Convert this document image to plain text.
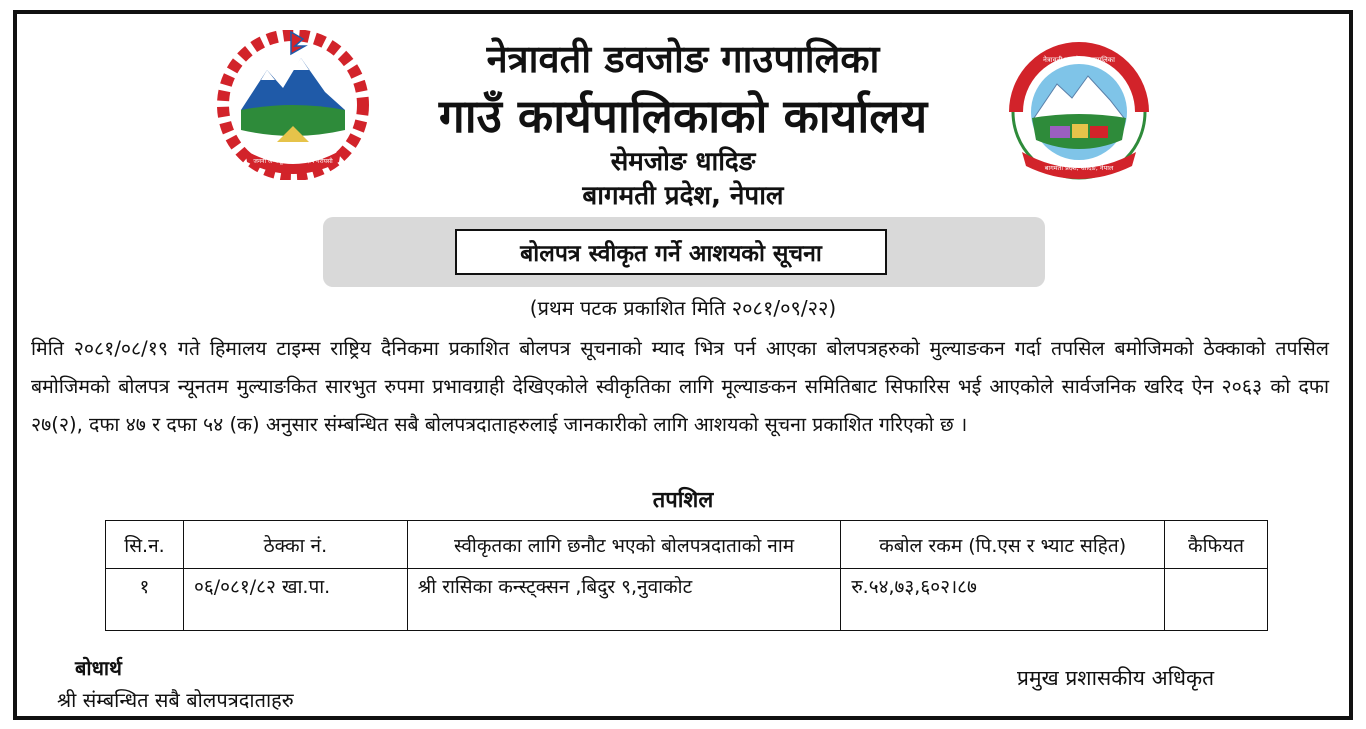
जननी जन्मभूमिश्च स्वर्गादपि गरीयसी
नेत्रावती डवजोङ गाउपालिका
गाउँ कार्यपालिकाको कार्यालय
सेमजोङ धादिङ
बागमती प्रदेश, नेपाल
नेत्रावती डवजोङ गाउपालिका
बागमती प्रदेश, धादिङ, नेपाल
बोलपत्र स्वीकृत गर्ने आशयको सूचना
(प्रथम पटक प्रकाशित मिति २०८१/०९/२२)

मिति २०८१/०८/१९ गते हिमालय टाइम्स राष्ट्रिय दैनिकमा प्रकाशित बोलपत्र सूचनाको म्याद भित्र पर्न आएका बोलपत्रहरुको मुल्याङकन गर्दा तपसिल बमोजिमको ठेक्काको तपसिल बमोजिमको बोलपत्र न्यूनतम मुल्याङकित सारभुत रुपमा प्रभावग्राही देखिएकोले स्वीकृतिका लागि मूल्याङकन समितिबाट सिफारिस भई आएकोले सार्वजनिक खरिद ऐन २०६३ को दफा २७(२), दफा ४७ र दफा ५४ (क) अनुसार संम्बन्धित सबै बोलपत्रदाताहरुलाई जानकारीको लागि आशयको सूचना प्रकाशित गरिएको छ ।

तपशिल
सि.न.	ठेक्का नं.	स्वीकृतका लागि छनौट भएको बोलपत्रदाताको नाम	कबोल रकम (पि.एस र भ्याट सहित)	कैफियत
१	०६/०८१/८२ खा.पा.	श्री रासिका कन्स्ट्क्सन ,बिदुर ९,नुवाकोट	रु.५४,७३,६०२।८७	
बोधार्थ
श्री संम्बन्धित सबै बोलपत्रदाताहरु
प्रमुख प्रशासकीय अधिकृत
